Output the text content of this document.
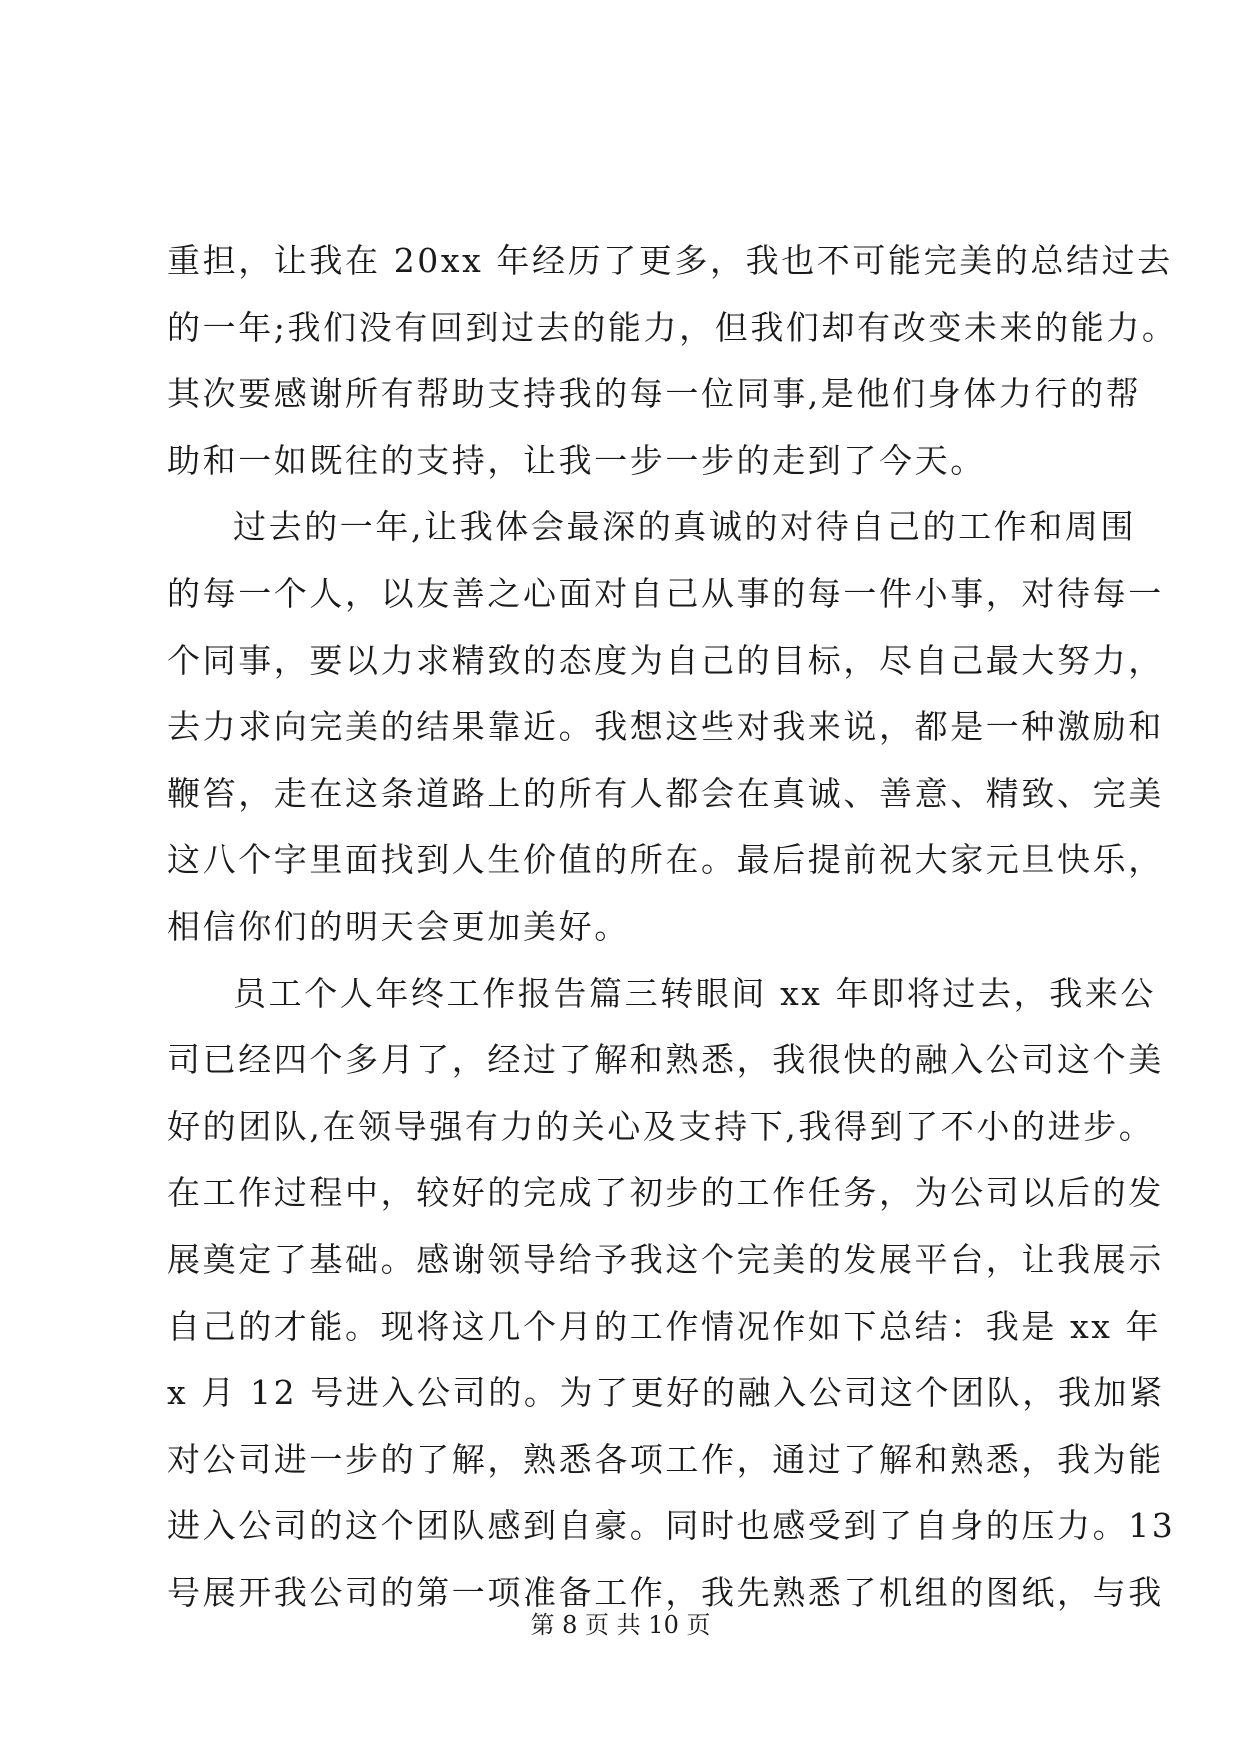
重担，让我在 20xx 年经历了更多，我也不可能完美的总结过去
的一年;我们没有回到过去的能力，但我们却有改变未来的能力。
其次要感谢所有帮助支持我的每一位同事,是他们身体力行的帮
助和一如既往的支持，让我一步一步的走到了今天。
过去的一年,让我体会最深的真诚的对待自己的工作和周围
的每一个人，以友善之心面对自己从事的每一件小事，对待每一
个同事，要以力求精致的态度为自己的目标，尽自己最大努力，
去力求向完美的结果靠近。我想这些对我来说，都是一种激励和
鞭笞，走在这条道路上的所有人都会在真诚、善意、精致、完美
这八个字里面找到人生价值的所在。最后提前祝大家元旦快乐，
相信你们的明天会更加美好。
员工个人年终工作报告篇三转眼间 xx 年即将过去，我来公
司已经四个多月了，经过了解和熟悉，我很快的融入公司这个美
好的团队,在领导强有力的关心及支持下,我得到了不小的进步。
在工作过程中，较好的完成了初步的工作任务，为公司以后的发
展奠定了基础。感谢领导给予我这个完美的发展平台，让我展示
自己的才能。现将这几个月的工作情况作如下总结：我是 xx 年
x 月 12 号进入公司的。为了更好的融入公司这个团队，我加紧
对公司进一步的了解，熟悉各项工作，通过了解和熟悉，我为能
进入公司的这个团队感到自豪。同时也感受到了自身的压力。13
号展开我公司的第一项准备工作，我先熟悉了机组的图纸，与我
第 8 页 共 10 页
